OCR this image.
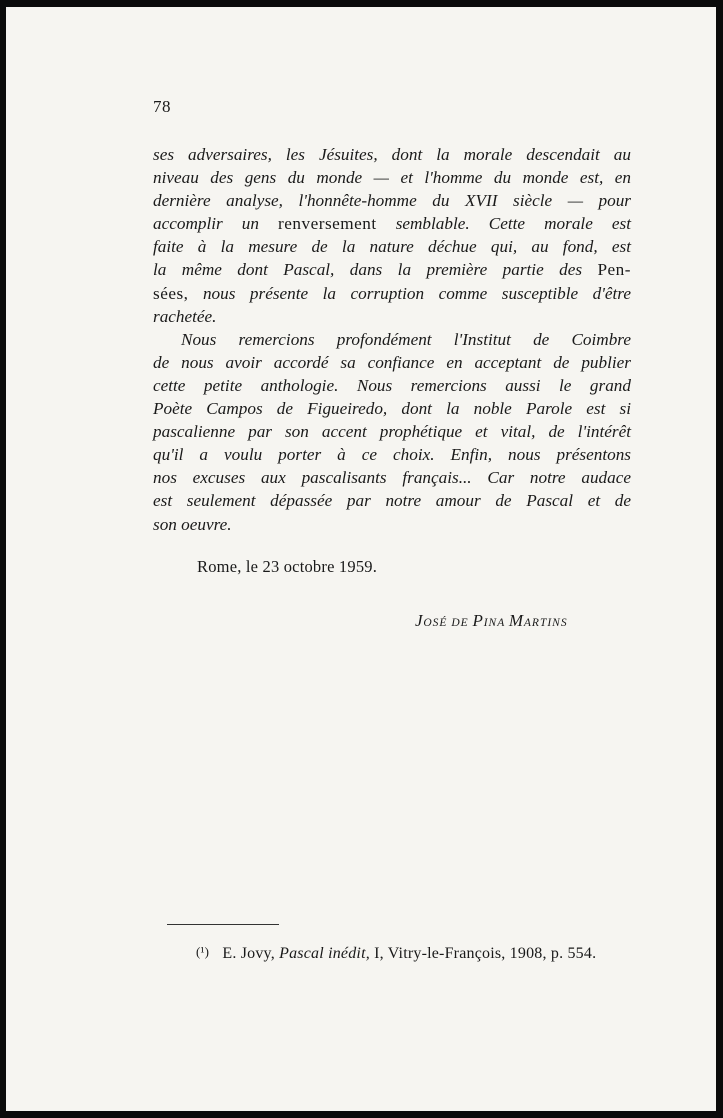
78

ses adversaires, les Jésuites, dont la morale descendait au
niveau des gens du monde — et l'homme du monde est, en
dernière analyse, l'honnête-homme du XVII siècle — pour
accomplir un renversement semblable. Cette morale est
faite à la mesure de la nature déchue qui, au fond, est
la même dont Pascal, dans la première partie des Pen-
sées, nous présente la corruption comme susceptible d'être
rachetée.

Nous remercions profondément l'Institut de Coimbre
de nous avoir accordé sa confiance en acceptant de publier
cette petite anthologie. Nous remercions aussi le grand
Poète Campos de Figueiredo, dont la noble Parole est si
pascalienne par son accent prophétique et vital, de l'intérêt
qu'il a voulu porter à ce choix. Enfin, nous présentons
nos excuses aux pascalisants français... Car notre audace
est seulement dépassée par notre amour de Pascal et de
son oeuvre.

Rome, le 23 octobre 1959.
JOSÉ DE PINA MARTINS
(¹) E. Jovy, Pascal inédit, I, Vitry-le-François, 1908, p. 554.
